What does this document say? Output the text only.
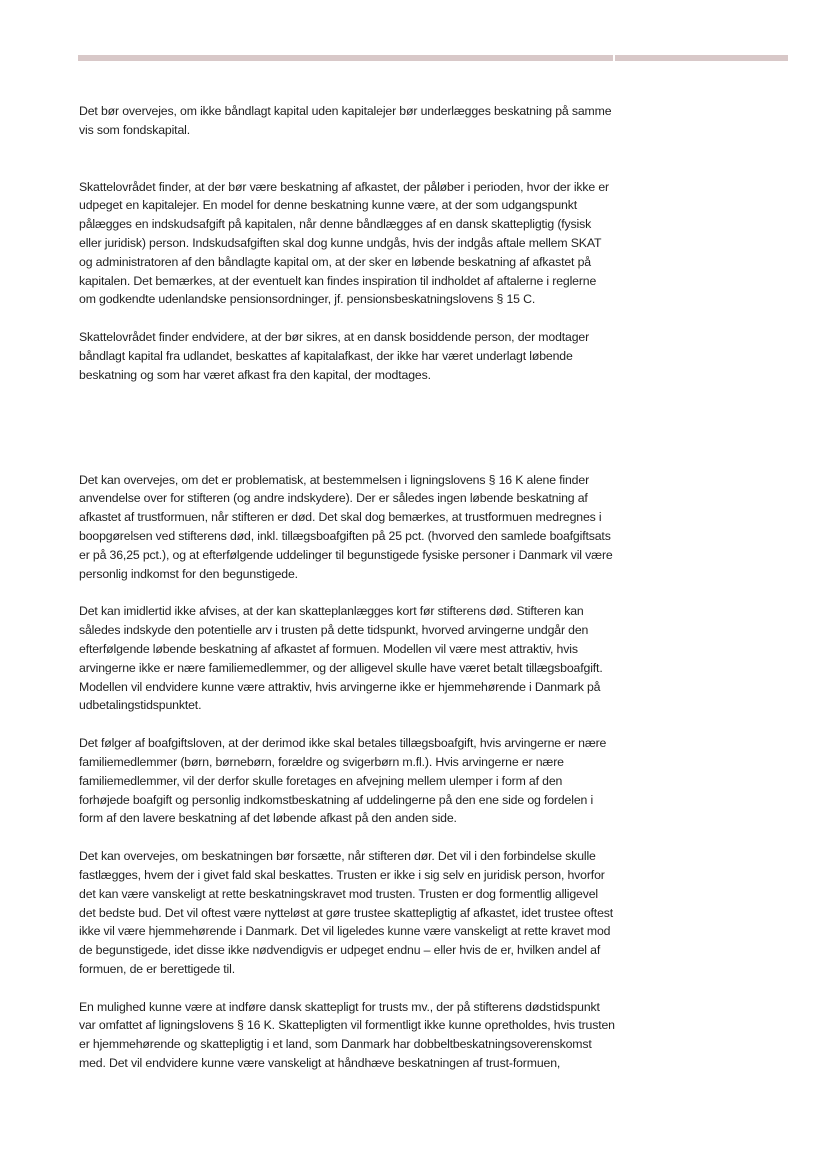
Det bør overvejes, om ikke båndlagt kapital uden kapitalejer bør underlægges beskatning på samme vis som fondskapital.

Skattelovrådet finder, at der bør være beskatning af afkastet, der påløber i perioden, hvor der ikke er udpeget en kapitalejer. En model for denne beskatning kunne være, at der som udgangspunkt pålægges en indskudsafgift på kapitalen, når denne båndlægges af en dansk skattepligtig (fysisk eller juridisk) person. Indskudsafgiften skal dog kunne undgås, hvis der indgås aftale mellem SKAT og administratoren af den båndlagte kapital om, at der sker en løbende beskatning af afkastet på kapitalen. Det bemærkes, at der eventuelt kan findes inspiration til indholdet af aftalerne i reglerne om godkendte udenlandske pensionsordninger, jf. pensionsbeskatningslovens § 15 C.

Skattelovrådet finder endvidere, at der bør sikres, at en dansk bosiddende person, der modtager båndlagt kapital fra udlandet, beskattes af kapitalafkast, der ikke har været underlagt løbende beskatning og som har været afkast fra den kapital, der modtages.

Det kan overvejes, om det er problematisk, at bestemmelsen i ligningslovens § 16 K alene finder anvendelse over for stifteren (og andre indskydere). Der er således ingen løbende beskatning af afkastet af trustformuen, når stifteren er død. Det skal dog bemærkes, at trustformuen medregnes i boopgørelsen ved stifterens død, inkl. tillægsboafgiften på 25 pct. (hvorved den samlede boafgiftsats er på 36,25 pct.), og at efterfølgende uddelinger til begunstigede fysiske personer i Danmark vil være personlig indkomst for den begunstigede.

Det kan imidlertid ikke afvises, at der kan skatteplanlægges kort før stifterens død. Stifteren kan således indskyde den potentielle arv i trusten på dette tidspunkt, hvorved arvingerne undgår den efterfølgende løbende beskatning af afkastet af formuen. Modellen vil være mest attraktiv, hvis arvingerne ikke er nære familiemedlemmer, og der alligevel skulle have været betalt tillægsboafgift. Modellen vil endvidere kunne være attraktiv, hvis arvingerne ikke er hjemmehørende i Danmark på udbetalingstidspunktet.

Det følger af boafgiftsloven, at der derimod ikke skal betales tillægsboafgift, hvis arvingerne er nære familiemedlemmer (børn, børnebørn, forældre og svigerbørn m.fl.). Hvis arvingerne er nære familiemedlemmer, vil der derfor skulle foretages en afvejning mellem ulemper i form af den forhøjede boafgift og personlig indkomstbeskatning af uddelingerne på den ene side og fordelen i form af den lavere beskatning af det løbende afkast på den anden side.

Det kan overvejes, om beskatningen bør forsætte, når stifteren dør. Det vil i den forbindelse skulle fastlægges, hvem der i givet fald skal beskattes. Trusten er ikke i sig selv en juridisk person, hvorfor det kan være vanskeligt at rette beskatningskravet mod trusten. Trusten er dog formentlig alligevel det bedste bud. Det vil oftest være nytteløst at gøre trustee skattepligtig af afkastet, idet trustee oftest ikke vil være hjemmehørende i Danmark. Det vil ligeledes kunne være vanskeligt at rette kravet mod de begunstigede, idet disse ikke nødvendigvis er udpeget endnu – eller hvis de er, hvilken andel af formuen, de er berettigede til.

En mulighed kunne være at indføre dansk skattepligt for trusts mv., der på stifterens dødstidspunkt var omfattet af ligningslovens § 16 K. Skattepligten vil formentligt ikke kunne opretholdes, hvis trusten er hjemmehørende og skattepligtig i et land, som Danmark har dobbeltbeskatningsoverenskomst med. Det vil endvidere kunne være vanskeligt at håndhæve beskatningen af trust-formuen,
